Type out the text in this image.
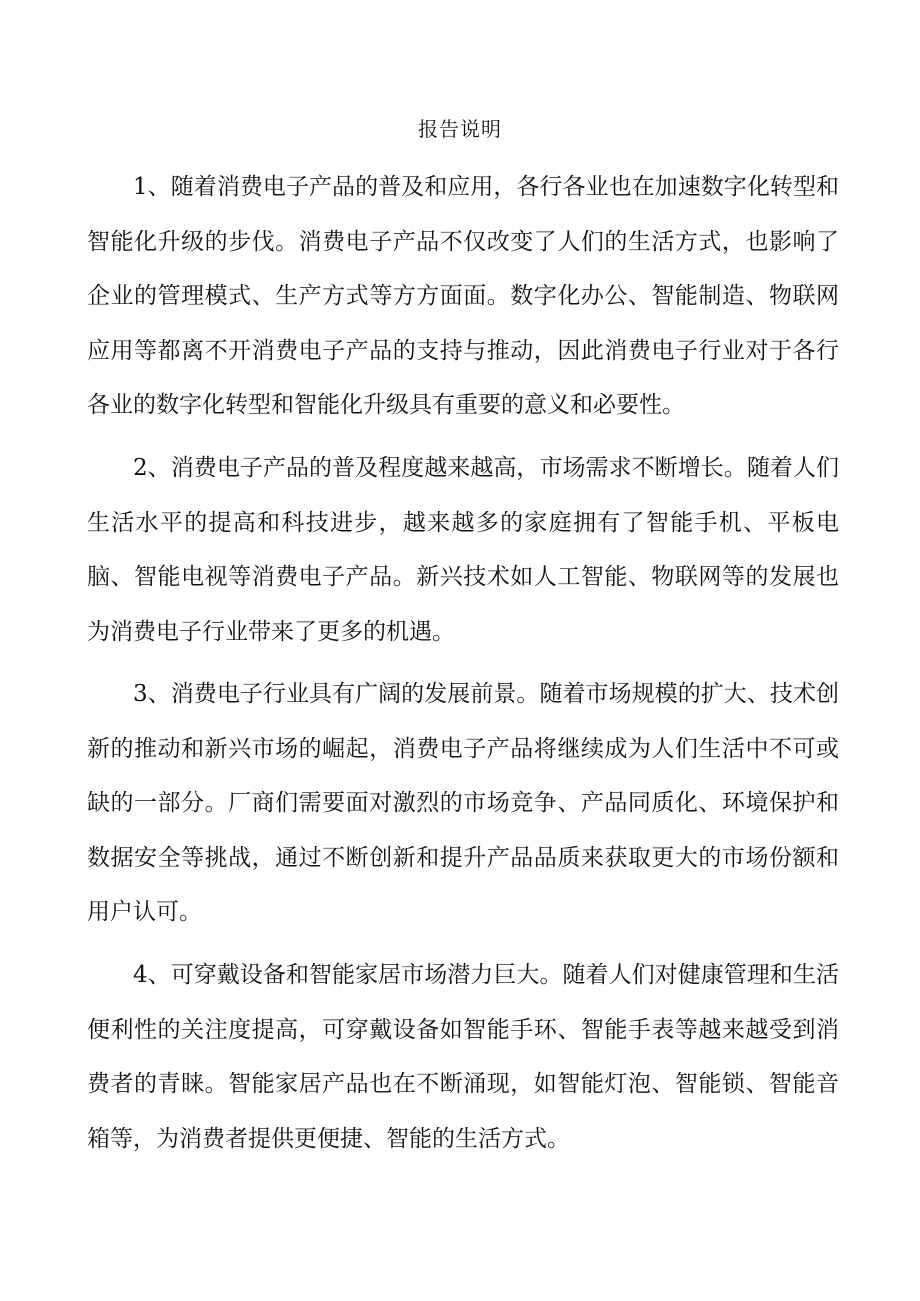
报告说明

1、随着消费电子产品的普及和应用，各行各业也在加速数字化转型和智能化升级的步伐。消费电子产品不仅改变了人们的生活方式，也影响了企业的管理模式、生产方式等方方面面。数字化办公、智能制造、物联网应用等都离不开消费电子产品的支持与推动，因此消费电子行业对于各行各业的数字化转型和智能化升级具有重要的意义和必要性。

2、消费电子产品的普及程度越来越高，市场需求不断增长。随着人们生活水平的提高和科技进步，越来越多的家庭拥有了智能手机、平板电脑、智能电视等消费电子产品。新兴技术如人工智能、物联网等的发展也为消费电子行业带来了更多的机遇。

3、消费电子行业具有广阔的发展前景。随着市场规模的扩大、技术创新的推动和新兴市场的崛起，消费电子产品将继续成为人们生活中不可或缺的一部分。厂商们需要面对激烈的市场竞争、产品同质化、环境保护和数据安全等挑战，通过不断创新和提升产品品质来获取更大的市场份额和用户认可。

4、可穿戴设备和智能家居市场潜力巨大。随着人们对健康管理和生活便利性的关注度提高，可穿戴设备如智能手环、智能手表等越来越受到消费者的青睐。智能家居产品也在不断涌现，如智能灯泡、智能锁、智能音箱等，为消费者提供更便捷、智能的生活方式。
